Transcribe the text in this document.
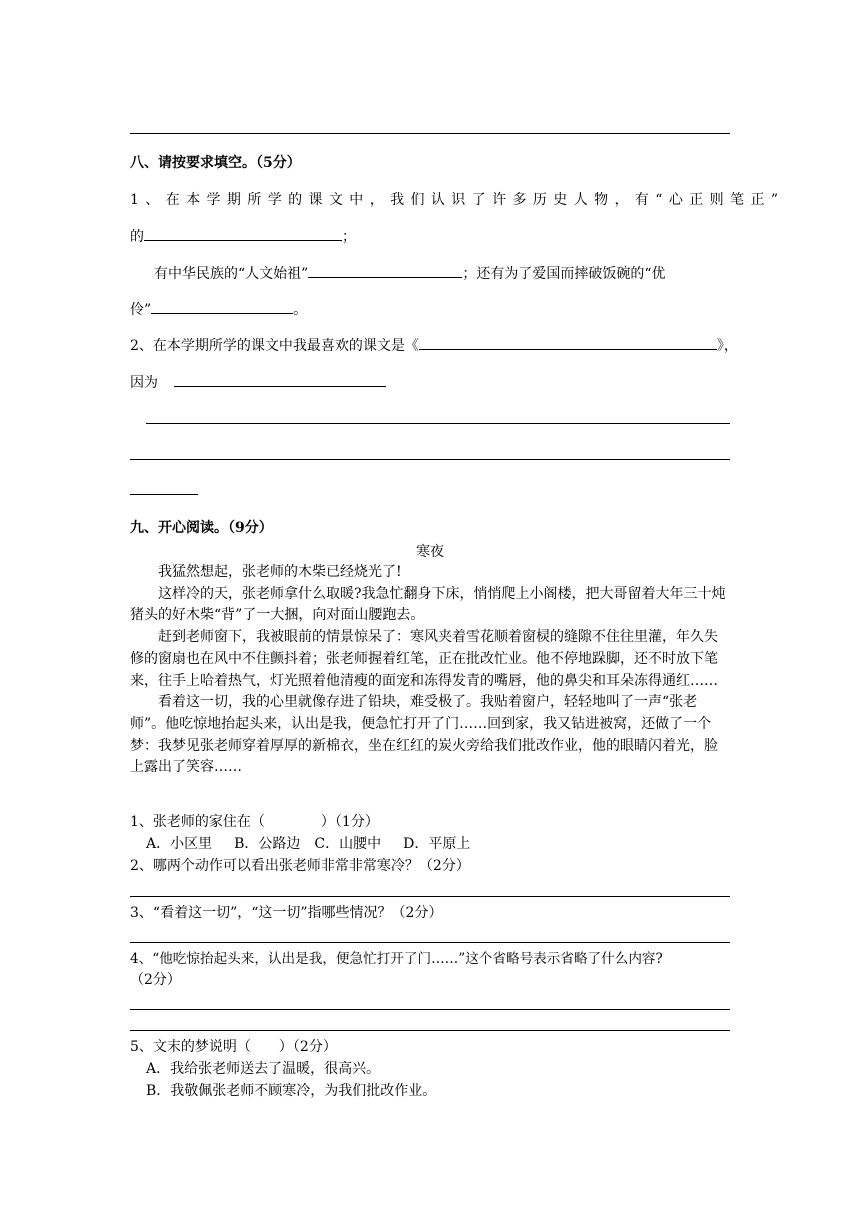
八、请按要求填空。（5分）
1、在本学期所学的课文中，我们认识了许多历史人物，有“心正则笔正”
的	；
有中华民族的“人文始祖”	；还有为了爱国而摔破饭碗的“优
伶”	。
2、在本学期所学的课文中我最喜欢的课文是《	》，
因为
九、开心阅读。（9分）
寒夜
我猛然想起，张老师的木柴已经烧光了!
这样冷的天，张老师拿什么取暖?我急忙翻身下床，悄悄爬上小阁楼，把大哥留着大年三十炖猪头的好木柴“背”了一大捆，向对面山腰跑去。
赶到老师窗下，我被眼前的情景惊呆了：寒风夹着雪花顺着窗棂的缝隙不住往里灌，年久失修的窗扇也在风中不住颤抖着；张老师握着红笔，正在批改忙业。他不停地跺脚，还不时放下笔来，往手上哈着热气，灯光照着他清瘦的面宠和冻得发青的嘴唇，他的鼻尖和耳朵冻得通红……
看着这一切，我的心里就像存进了铅块，难受极了。我贴着窗户，轻轻地叫了一声“张老师”。他吃惊地抬起头来，认出是我，便急忙打开了门……回到家，我又钻进被窝，还做了一个梦：我梦见张老师穿着厚厚的新棉衣，坐在红红的炭火旁给我们批改作业，他的眼睛闪着光，脸上露出了笑容……
1、张老师的家住在（　　　　）（1分）
A．小区里 B．公路边 C．山腰中 D．平原上
2、哪两个动作可以看出张老师非常非常寒冷？（2分）
3、“看着这一切”，“这一切”指哪些情况？（2分）
4、“他吃惊抬起头来，认出是我，便急忙打开了门……”这个省略号表示省略了什么内容?
（2分）
5、文末的梦说明（　　）（2分）
A．我给张老师送去了温暖，很高兴。
B．我敬佩张老师不顾寒冷，为我们批改作业。
